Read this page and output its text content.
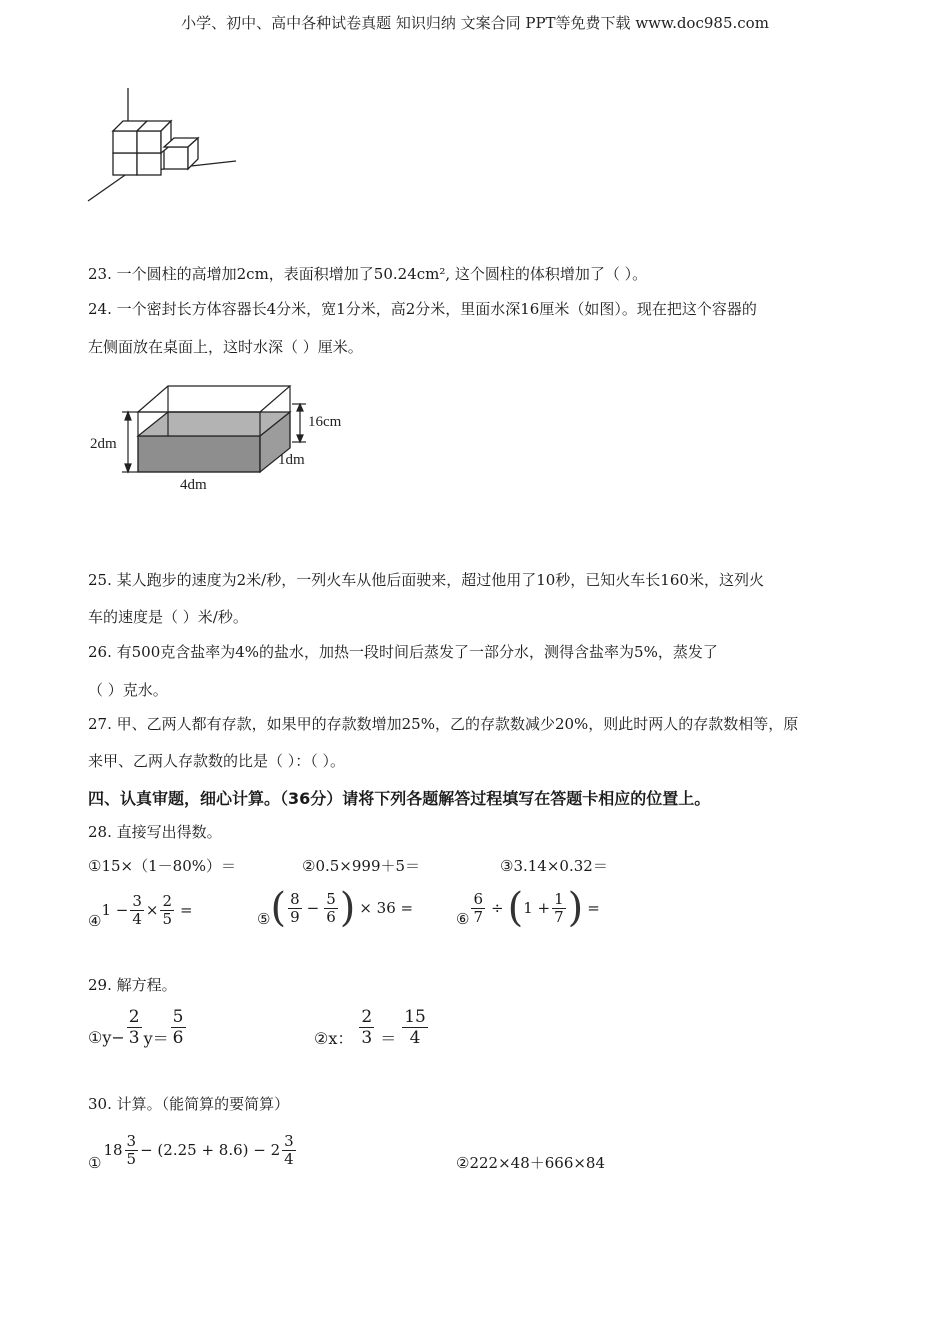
小学、初中、高中各种试卷真题 知识归纳 文案合同 PPT等免费下载 www.doc985.com
23. 一个圆柱的高增加2cm，表面积增加了50.24cm², 这个圆柱的体积增加了（ ）。
24. 一个密封长方体容器长4分米，宽1分米，高2分米，里面水深16厘米（如图）。现在把这个容器的
左侧面放在桌面上，这时水深（ ）厘米。
2dm
16cm
1dm
4dm
25. 某人跑步的速度为2米/秒，一列火车从他后面驶来，超过他用了10秒，已知火车长160米，这列火
车的速度是（ ）米/秒。
26. 有500克含盐率为4%的盐水，加热一段时间后蒸发了一部分水，测得含盐率为5%，蒸发了
（ ）克水。
27. 甲、乙两人都有存款，如果甲的存款数增加25%，乙的存款数减少20%，则此时两人的存款数相等，原
来甲、乙两人存款数的比是（ ）：（ ）。
四、认真审题，细心计算。（36分）请将下列各题解答过程填写在答题卡相应的位置上。
28. 直接写出得数。
①15×（1－80%）＝	②0.5×999＋5＝	③3.14×0.32＝
④
$1 - \frac{3}{4} \times \frac{2}{5}$ =	⑤ ( $\frac{8}{9} - \frac{5}{6}$ ) × 36 =
⑥ $\frac{6}{7}$ ÷ ( $1 + \frac{1}{7}$ ) =
29. 解方程。
①y− $\frac{2}{3} y= \frac{5}{6}$	②x： $\frac{2}{3} = \frac{15}{4}$
30. 计算。（能简算的要简算）
①
$18 \frac{3}{5} - (2.25 + 8.6) - 2 \frac{3}{4}$	②222×48＋666×84
